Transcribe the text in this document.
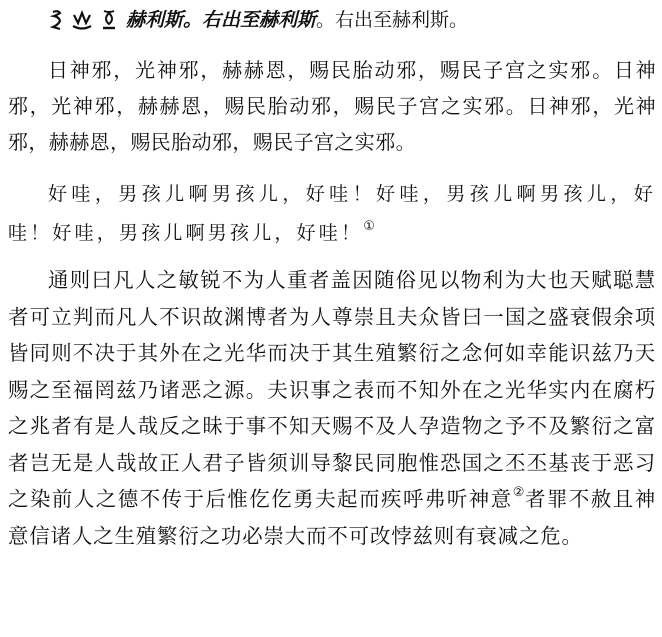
赫利斯。右出至赫利斯 。右出至赫利斯。

日神邪，光神邪，赫赫恩，赐民胎动邪，赐民子宫之实邪。日神邪，光神邪，赫赫恩，赐民胎动邪，赐民子宫之实邪。日神邪，光神邪，赫赫恩，赐民胎动邪，赐民子宫之实邪。

好哇，男孩儿啊男孩儿，好哇！好哇，男孩儿啊男孩儿，好哇！好哇，男孩儿啊男孩儿，好哇！①

通则曰凡人之敏锐不为人重者盖因随俗见以物利为大也天赋聪慧者可立判而凡人不识故渊博者为人尊崇且夫众皆曰一国之盛衰假余项皆同则不决于其外在之光华而决于其生殖繁衍之念何如幸能识兹乃天赐之至福罔兹乃诸恶之源。夫识事之表而不知外在之光华实内在腐朽之兆者有是人哉反之昧于事不知天赐不及人孕造物之予不及繁衍之富者岂无是人哉故正人君子皆须训导黎民同胞惟恐国之丕丕基丧于恶习之染前人之德不传于后惟仡仡勇夫起而疾呼弗听神意②者罪不赦且神意信诸人之生殖繁衍之功必崇大而不可改悖兹则有衰减之危。
